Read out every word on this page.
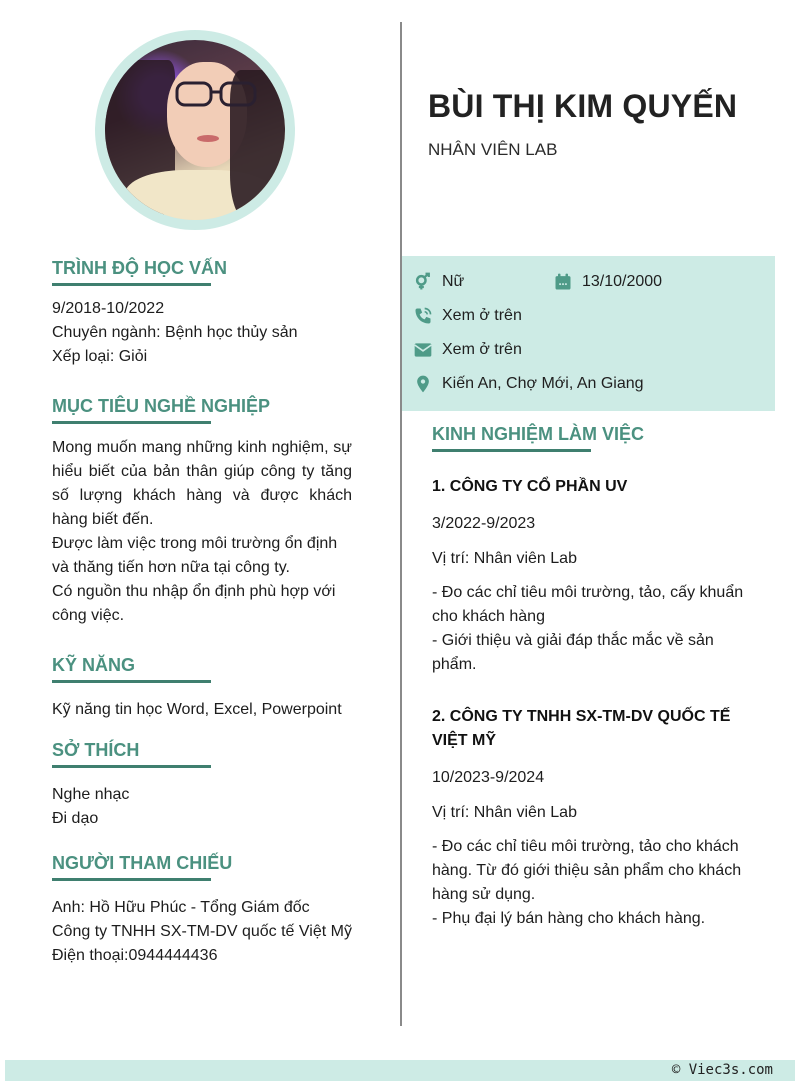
TRÌNH ĐỘ HỌC VẤN

9/2018-10/2022

Chuyên ngành: Bệnh học thủy sản

Xếp loại: Giỏi

MỤC TIÊU NGHỀ NGHIỆP

Mong muốn mang những kinh nghiệm, sự hiểu biết của bản thân giúp công ty tăng số lượng khách hàng và được khách hàng biết đến.

Được làm việc trong môi trường ổn định và thăng tiến hơn nữa tại công ty.

Có nguồn thu nhập ổn định phù hợp với công việc.

KỸ NĂNG

Kỹ năng tin học Word, Excel, Powerpoint

SỞ THÍCH

Nghe nhạc

Đi dạo

NGƯỜI THAM CHIẾU

Anh: Hồ Hữu Phúc - Tổng Giám đốc

Công ty TNHH SX-TM-DV quốc tế Việt Mỹ

Điện thoại:0944444436

BÙI THỊ KIM QUYẾN

NHÂN VIÊN LAB

Nữ	13/10/2000
Xem ở trên
Xem ở trên
Kiến An, Chợ Mới, An Giang
KINH NGHIỆM LÀM VIỆC

1. CÔNG TY CỔ PHẦN UV

3/2022-9/2023

Vị trí: Nhân viên Lab

- Đo các chỉ tiêu môi trường, tảo, cấy khuẩn cho khách hàng

- Giới thiệu và giải đáp thắc mắc về sản phẩm.

2. CÔNG TY TNHH SX-TM-DV QUỐC TẾ VIỆT MỸ

10/2023-9/2024

Vị trí: Nhân viên Lab

- Đo các chỉ tiêu môi trường, tảo cho khách hàng. Từ đó giới thiệu sản phẩm cho khách hàng sử dụng.

- Phụ đại lý bán hàng cho khách hàng.

© Viec3s.com
